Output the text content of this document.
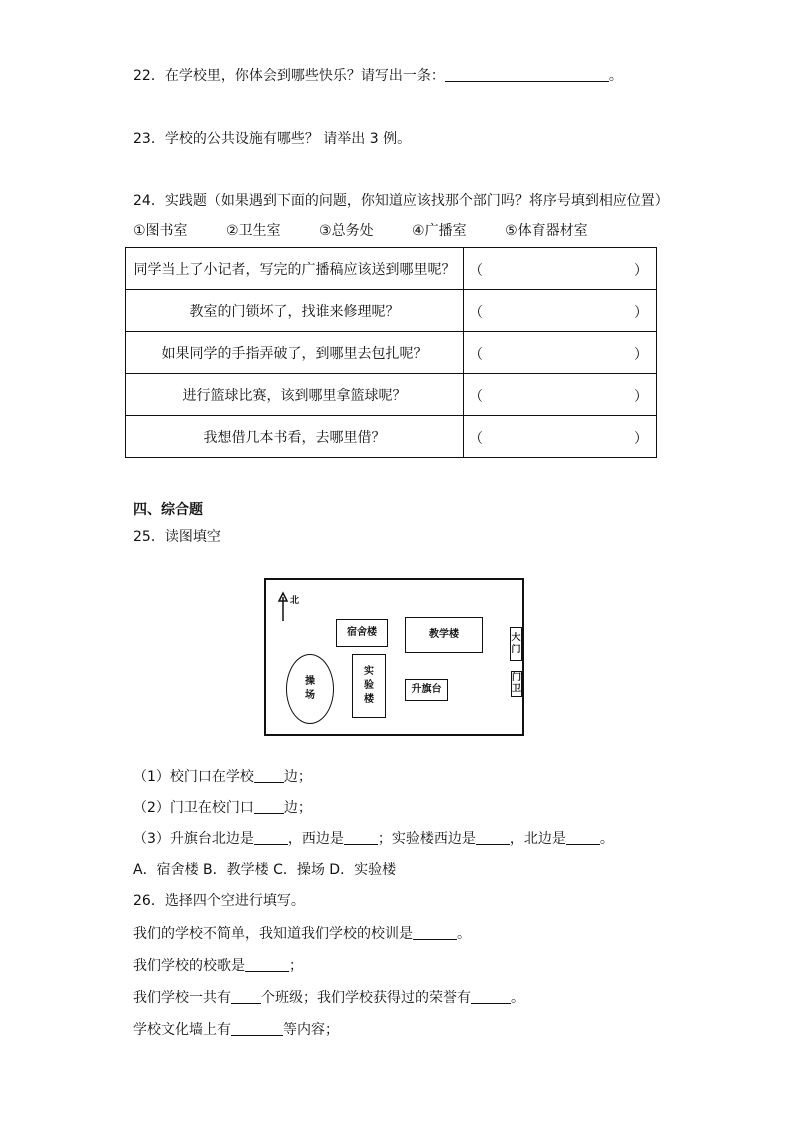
22．在学校里，你体会到哪些快乐？请写出一条：	。
23．学校的公共设施有哪些？ 请举出 3 例。
24．实践题（如果遇到下面的问题，你知道应该找那个部门吗？将序号填到相应位置）
①图书室	②卫生室	③总务处	④广播室	⑤体育器材室
同学当上了小记者，写完的广播稿应该送到哪里呢？	（ ）

教室的门锁坏了，找谁来修理呢？	（ ）

如果同学的手指弄破了，到哪里去包扎呢？	（ ）

进行篮球比赛，该到哪里拿篮球呢？	（ ）

我想借几本书看，去哪里借？	（ ）
四、综合题
25．读图填空
北
宿舍楼	教学楼
操
场
实
验
楼
升旗台
大
门
门
卫
（1）校门口在学校 边；
（2）门卫在校门口 边；
（3）升旗台北边是 ，西边是 ；实验楼西边是 ，北边是 。
A．宿舍楼 B．教学楼 C．操场 D．实验楼
26．选择四个空进行填写。
我们的学校不简单，我知道我们学校的校训是	。
我们学校的校歌是	；
我们学校一共有 个班级；我们学校获得过的荣誉有	。
学校文化墙上有	等内容；
